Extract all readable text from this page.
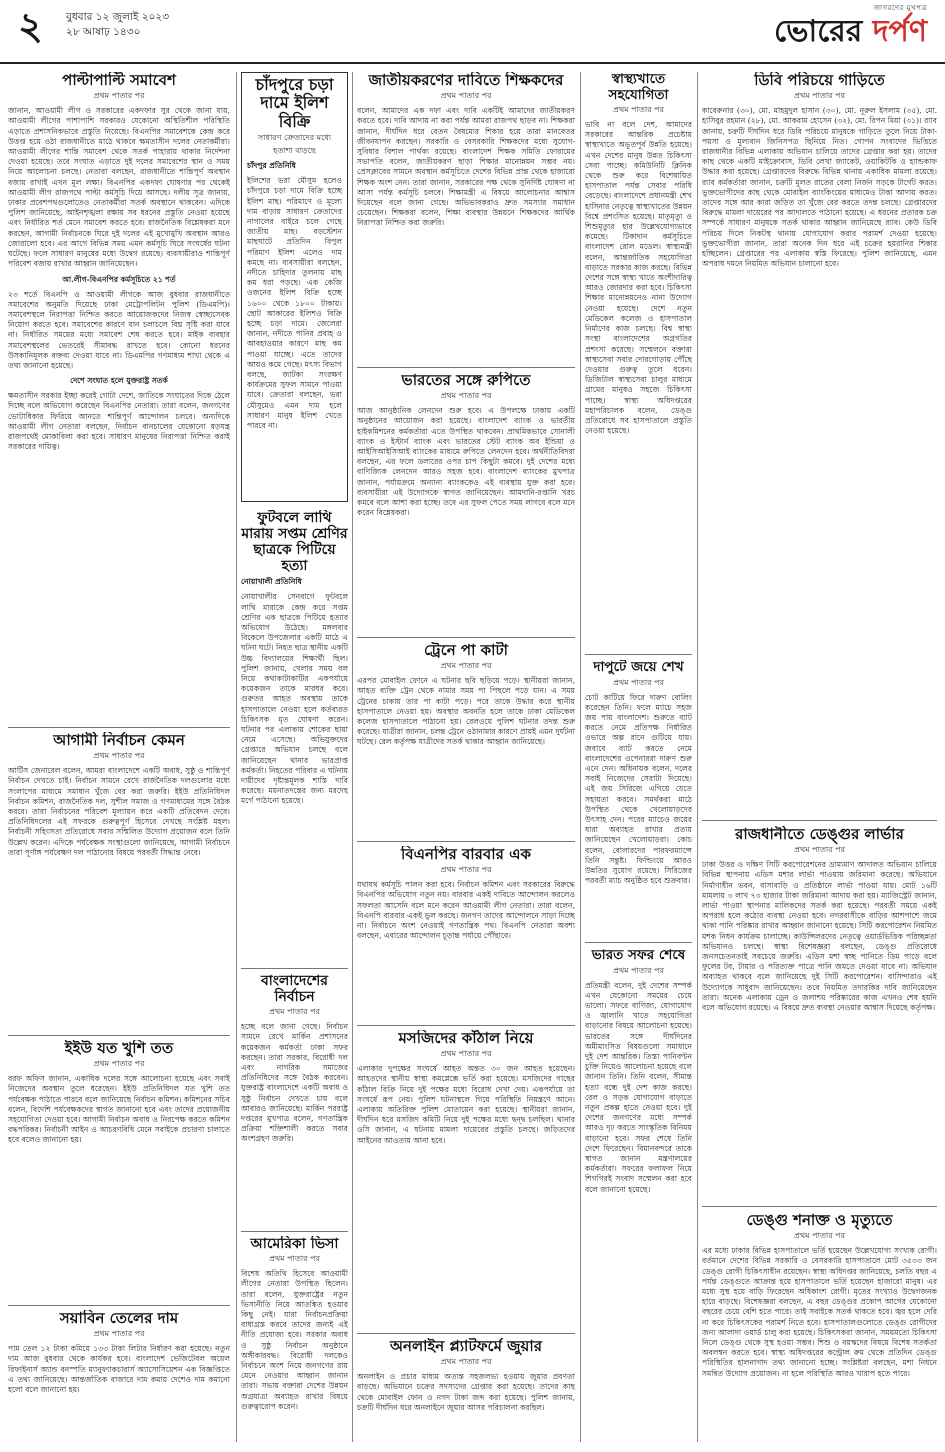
২ বুধবার ১২ জুলাই ২০২৩
২৮ আষাঢ় ১৪৩০
জাগরণের মুখপত্র
ভোরের দর্পণ
পাল্টাপাল্টি সমাবেশ
প্রথম পাতার পর
জানান, আওয়ামী লীগ ও সরকারের একদফার সুর থেকে জানা যায়, আওয়ামী লীগের পাশাপাশি সরকারও যেকোনো অস্থিতিশীল পরিস্থিতি এড়াতে প্রশাসনিকভাবে প্রস্তুতি নিয়েছে। বিএনপির সমাবেশকে কেন্দ্র করে উত্তপ্ত হয়ে ওঠা রাজধানীতে মাঠে থাকবে ক্ষমতাসীন দলের নেতাকর্মীরা। আওয়ামী লীগের শান্তি সমাবেশ থেকে সতর্ক পাহারায় থাকার নির্দেশনা দেওয়া হয়েছে। তবে সংঘাত এড়াতে দুই দলের সমাবেশের স্থান ও সময় নিয়ে আলোচনা চলছে। নেতারা বলছেন, রাজধানীতে শান্তিপূর্ণ অবস্থান বজায় রাখাই এখন মূল লক্ষ্য। বিএনপির একদফা ঘোষণার পর থেকেই আওয়ামী লীগ রাজপথে পাল্টা কর্মসূচি দিয়ে আসছে। দলীয় সূত্র জানায়, ঢাকার প্রবেশপথগুলোতেও নেতাকর্মীরা সতর্ক অবস্থানে থাকবেন। এদিকে পুলিশ জানিয়েছে, আইনশৃঙ্খলা রক্ষায় সব ধরনের প্রস্তুতি নেওয়া হয়েছে এবং নির্ধারিত শর্ত মেনে সমাবেশ করতে হবে। রাজনৈতিক বিশ্লেষকরা মনে করছেন, আগামী নির্বাচনকে ঘিরে দুই দলের এই মুখোমুখি অবস্থান আরও জোরালো হবে। এর আগে বিভিন্ন সময় এমন কর্মসূচি ঘিরে সংঘর্ষের ঘটনা ঘটেছে। ফলে সাধারণ মানুষের মধ্যে উদ্বেগ রয়েছে। ব্যবসায়ীরাও শান্তিপূর্ণ পরিবেশ বজায় রাখার আহ্বান জানিয়েছেন।
আ.লীগ-বিএনপির কর্মসূচিতে ২১ শর্ত
২৩ শর্তে বিএনপি ও আওয়ামী লীগকে আজ বুধবার রাজধানীতে সমাবেশের অনুমতি দিয়েছে ঢাকা মেট্রোপলিটন পুলিশ (ডিএমপি)। সমাবেশস্থলে নিরাপত্তা নিশ্চিত করতে আয়োজকদের নিজস্ব স্বেচ্ছাসেবক নিয়োগ করতে হবে। সমাবেশের কারণে যান চলাচলে বিঘ্ন সৃষ্টি করা যাবে না। নির্ধারিত সময়ের মধ্যে সমাবেশ শেষ করতে হবে। মাইক ব্যবহার সমাবেশস্থলের ভেতরেই সীমাবদ্ধ রাখতে হবে। কোনো ধরনের উসকানিমূলক বক্তব্য দেওয়া যাবে না। ডিএমপির গণমাধ্যম শাখা থেকে এ তথ্য জানানো হয়েছে।
দেশে সংঘাত হলে যুক্তরাষ্ট্র সতর্ক
ক্ষমতাসীন সরকার ইচ্ছা করেই গোটা দেশে, জাতিকে সংঘাতের দিকে ঠেলে দিচ্ছে বলে অভিযোগ করেছেন বিএনপির নেতারা। তারা বলেন, জনগণের ভোটাধিকার ফিরিয়ে আনতে শান্তিপূর্ণ আন্দোলন চলবে। অন্যদিকে আওয়ামী লীগ নেতারা বলছেন, নির্বাচন বানচালের যেকোনো ষড়যন্ত্র রাজপথেই মোকাবিলা করা হবে। সাধারণ মানুষের নিরাপত্তা নিশ্চিত করাই সরকারের দায়িত্ব।
আগামী নির্বাচন কেমন
প্রথম পাতার পর
আর্টিস জেনারেল বলেন, আমরা বাংলাদেশে একটি অবাধ, সুষ্ঠু ও শান্তিপূর্ণ নির্বাচন দেখতে চাই। নির্বাচন সামনে রেখে রাজনৈতিক দলগুলোর মধ্যে সংলাপের মাধ্যমে সমাধান খুঁজে বের করা জরুরি। ইইউ প্রতিনিধিদল নির্বাচন কমিশন, রাজনৈতিক দল, সুশীল সমাজ ও গণমাধ্যমের সঙ্গে বৈঠক করবে। তারা নির্বাচনের পরিবেশ মূল্যায়ন করে একটি প্রতিবেদন দেবে। প্রতিনিধিদলের এই সফরকে গুরুত্বপূর্ণ হিসেবে দেখছে সংশ্লিষ্ট মহল। নির্বাচনী সহিংসতা প্রতিরোধে সবার সম্মিলিত উদ্যোগ প্রয়োজন বলে তিনি উল্লেখ করেন। এদিকে পর্যবেক্ষক সংস্থাগুলো জানিয়েছে, আগামী নির্বাচনে তারা পূর্ণাঙ্গ পর্যবেক্ষণ দল পাঠানোর বিষয়ে পরবর্তী সিদ্ধান্ত নেবে।
ইইউ যত খুশি তত
প্রথম পাতার পর
বরফ অফিস জানান, একাধিক দলের সঙ্গে আলোচনা হয়েছে এবং সবাই নিজেদের অবস্থান তুলে ধরেছেন। ইইউ প্রতিনিধিদল যত খুশি তত পর্যবেক্ষক পাঠাতে পারবে বলে জানিয়েছে নির্বাচন কমিশন। কমিশনের সচিব বলেন, বিদেশি পর্যবেক্ষকদের স্বাগত জানানো হবে এবং তাদের প্রয়োজনীয় সহযোগিতা দেওয়া হবে। আগামী নির্বাচন অবাধ ও নিরপেক্ষ করতে কমিশন বদ্ধপরিকর। নির্বাচনী আইন ও আচরণবিধি মেনে সবাইকে প্রচারণা চালাতে হবে বলেও জানানো হয়।
সয়াবিন তেলের দাম
প্রথম পাতার পর
পাম তেল ১২ টাকা কমিয়ে ১৩৩ টাকা লিটার নির্ধারণ করা হয়েছে। নতুন দাম আজ বুধবার থেকে কার্যকর হবে। বাংলাদেশ ভেজিটেবল অয়েল রিফাইনার্স অ্যান্ড বনস্পতি ম্যানুফ্যাকচারার্স অ্যাসোসিয়েশন এক বিজ্ঞপ্তিতে এ তথ্য জানিয়েছে। আন্তর্জাতিক বাজারে দাম কমায় দেশেও দাম কমানো হলো বলে জানানো হয়।
চাঁদপুরে চড়া দামে ইলিশ বিক্রি
সাধারণ ক্রেতাদের মধ্যে হতাশা বাড়ছে
চাঁদপুর প্রতিনিধি
ইলিশের ভরা মৌসুম হলেও চাঁদপুরে চড়া দামে বিক্রি হচ্ছে ইলিশ মাছ। পরিমাণে ও মূল্যে দাম বাড়ায় সাধারণ ক্রেতাদের নাগালের বাইরে চলে গেছে জাতীয় মাছ। বড়স্টেশন মাছঘাটে প্রতিদিন বিপুল পরিমাণ ইলিশ এলেও দাম কমছে না। ব্যবসায়ীরা বলছেন, নদীতে চাহিদার তুলনায় মাছ কম ধরা পড়ছে। এক কেজি ওজনের ইলিশ বিক্রি হচ্ছে ১৬০০ থেকে ১৮০০ টাকায়। ছোট আকারের ইলিশও বিক্রি হচ্ছে চড়া দামে। জেলেরা জানান, নদীতে পানির প্রবাহ ও আবহাওয়ার কারণে মাছ কম পাওয়া যাচ্ছে। এতে তাদের আয়ও কমে গেছে। মৎস্য বিভাগ বলছে, জাটকা সংরক্ষণ কার্যক্রমের সুফল সামনে পাওয়া যাবে। ক্রেতারা বলছেন, ভরা মৌসুমেও এমন দাম হলে সাধারণ মানুষ ইলিশ খেতে পারবে না।
ফুটবলে লাথি মারায় সপ্তম শ্রেণির ছাত্রকে পিটিয়ে হত্যা
নোয়াখালী প্রতিনিধি
নোয়াখালীর সেনবাগে ফুটবলে লাথি মারাকে কেন্দ্র করে সপ্তম শ্রেণির এক ছাত্রকে পিটিয়ে হত্যার অভিযোগ উঠেছে। মঙ্গলবার বিকেলে উপজেলার একটি মাঠে এ ঘটনা ঘটে। নিহত ছাত্র স্থানীয় একটি উচ্চ বিদ্যালয়ের শিক্ষার্থী ছিল। পুলিশ জানায়, খেলার সময় বল নিয়ে কথাকাটাকাটির একপর্যায়ে কয়েকজন তাকে মারধর করে। গুরুতর আহত অবস্থায় তাকে হাসপাতালে নেওয়া হলে কর্তব্যরত চিকিৎসক মৃত ঘোষণা করেন। ঘটনার পর এলাকায় শোকের ছায়া নেমে এসেছে। অভিযুক্তদের গ্রেপ্তারে অভিযান চলছে বলে জানিয়েছেন থানার ভারপ্রাপ্ত কর্মকর্তা। নিহতের পরিবার এ ঘটনায় দায়ীদের দৃষ্টান্তমূলক শাস্তি দাবি করেছে। ময়নাতদন্তের জন্য মরদেহ মর্গে পাঠানো হয়েছে।
বাংলাদেশের নির্বাচন
প্রথম পাতার পর
হচ্ছে বলে জানা গেছে। নির্বাচন সামনে রেখে মার্কিন প্রশাসনের কয়েকজন কর্মকর্তা ঢাকা সফর করছেন। তারা সরকার, বিরোধী দল এবং নাগরিক সমাজের প্রতিনিধিদের সঙ্গে বৈঠক করবেন। যুক্তরাষ্ট্র বাংলাদেশে একটি অবাধ ও সুষ্ঠু নির্বাচন দেখতে চায় বলে আবারও জানিয়েছে। মার্কিন পররাষ্ট্র দপ্তরের মুখপাত্র বলেন, গণতান্ত্রিক প্রক্রিয়া শক্তিশালী করতে সবার অংশগ্রহণ জরুরি।
আমেরিকা ভিসা
প্রথম পাতার পর
বিশেষ অতিথি হিসেবে আওয়ামী লীগের নেতারা উপস্থিত ছিলেন। তারা বলেন, যুক্তরাষ্ট্রের নতুন ভিসানীতি নিয়ে আতঙ্কিত হওয়ার কিছু নেই। যারা নির্বাচনপ্রক্রিয়া বাধাগ্রস্ত করবে তাদের জন্যই এই নীতি প্রযোজ্য হবে। সরকার অবাধ ও সুষ্ঠু নির্বাচন অনুষ্ঠানে অঙ্গীকারবদ্ধ। বিরোধী দলকেও নির্বাচনে অংশ নিয়ে জনগণের রায় মেনে নেওয়ার আহ্বান জানান তারা। সভায় বক্তারা দেশের উন্নয়ন অগ্রযাত্রা অব্যাহত রাখার বিষয়ে গুরুত্বারোপ করেন।
জাতীয়করণের দাবিতে শিক্ষকদের
প্রথম পাতার পর
বলেন, আমাদের এক দফা এবং দাবি একটিই আমাদের জাতীয়করণ করতে হবে। দাবি আদায় না করা পর্যন্ত আমরা রাজপথ ছাড়ব না। শিক্ষকরা জানান, দীর্ঘদিন ধরে বেতন বৈষম্যের শিকার হয়ে তারা মানবেতর জীবনযাপন করছেন। সরকারি ও বেসরকারি শিক্ষকদের মধ্যে সুযোগ-সুবিধার বিশাল পার্থক্য রয়েছে। বাংলাদেশ শিক্ষক সমিতি ফোরামের সভাপতি বলেন, জাতীয়করণ ছাড়া শিক্ষার মানোন্নয়ন সম্ভব নয়। প্রেসক্লাবের সামনে অবস্থান কর্মসূচিতে দেশের বিভিন্ন প্রান্ত থেকে হাজারো শিক্ষক অংশ নেন। তারা জানান, সরকারের পক্ষ থেকে সুনির্দিষ্ট ঘোষণা না আসা পর্যন্ত কর্মসূচি চলবে। শিক্ষামন্ত্রী এ বিষয়ে আলোচনার আশ্বাস দিয়েছেন বলে জানা গেছে। অভিভাবকরাও দ্রুত সমস্যার সমাধান চেয়েছেন। শিক্ষকরা বলেন, শিক্ষা ব্যবস্থার উন্নয়নে শিক্ষকদের আর্থিক নিরাপত্তা নিশ্চিত করা জরুরি।
ভারতের সঙ্গে রুপিতে
প্রথম পাতার পর
আজ আনুষ্ঠানিক লেনদেন শুরু হবে। এ উপলক্ষে ঢাকায় একটি অনুষ্ঠানের আয়োজন করা হয়েছে। বাংলাদেশ ব্যাংক ও ভারতীয় হাইকমিশনের কর্মকর্তারা এতে উপস্থিত থাকবেন। প্রাথমিকভাবে সোনালী ব্যাংক ও ইস্টার্ন ব্যাংক এবং ভারতের স্টেট ব্যাংক অব ইন্ডিয়া ও আইসিআইসিআই ব্যাংকের মাধ্যমে রুপিতে লেনদেন হবে। অর্থনীতিবিদরা বলছেন, এর ফলে ডলারের ওপর চাপ কিছুটা কমবে। দুই দেশের মধ্যে বাণিজ্যিক লেনদেন আরও সহজ হবে। বাংলাদেশ ব্যাংকের মুখপাত্র জানান, পর্যায়ক্রমে অন্যান্য ব্যাংককেও এই ব্যবস্থায় যুক্ত করা হবে। ব্যবসায়ীরা এই উদ্যোগকে স্বাগত জানিয়েছেন। আমদানি-রপ্তানি খরচ কমবে বলে আশা করা হচ্ছে। তবে এর সুফল পেতে সময় লাগবে বলে মনে করেন বিশ্লেষকরা।
ট্রেনে পা কাটা
প্রথম পাতার পর
এরপর মোবাইল ফোনে এ ঘটনার ছবি ছড়িয়ে পড়ে। স্থানীয়রা জানান, আহত ব্যক্তি ট্রেন থেকে নামার সময় পা পিছলে পড়ে যান। এ সময় ট্রেনের চাকায় তার পা কাটা পড়ে। পরে তাকে উদ্ধার করে স্থানীয় হাসপাতালে নেওয়া হয়। অবস্থার অবনতি হলে তাকে ঢাকা মেডিকেল কলেজ হাসপাতালে পাঠানো হয়। রেলওয়ে পুলিশ ঘটনার তদন্ত শুরু করেছে। যাত্রীরা জানান, চলন্ত ট্রেনে ওঠানামার কারণে প্রায়ই এমন দুর্ঘটনা ঘটছে। রেল কর্তৃপক্ষ যাত্রীদের সতর্ক থাকার আহ্বান জানিয়েছে।
বিএনপির বারবার এক
প্রথম পাতার পর
যথাযথ কর্মসূচি পালন করা হবে। নির্বাচন কমিশন এবং সরকারের বিরুদ্ধে বিএনপির অভিযোগ নতুন নয়। বারবার একই দাবিতে আন্দোলন করলেও সফলতা আসেনি বলে মনে করেন আওয়ামী লীগ নেতারা। তারা বলেন, বিএনপি বারবার একই ভুল করছে। জনগণ তাদের আন্দোলনে সাড়া দিচ্ছে না। নির্বাচনে অংশ নেওয়াই গণতান্ত্রিক পথ। বিএনপি নেতারা অবশ্য বলছেন, এবারের আন্দোলন চূড়ান্ত পর্যায়ে পৌঁছাবে।
মসজিদের কাঁঠাল নিয়ে
প্রথম পাতার পর
এলাকার দুপক্ষের সংঘর্ষে আহত অন্তত ৩০ জন আহত হয়েছেন। আহতদের স্থানীয় স্বাস্থ্য কমপ্লেক্সে ভর্তি করা হয়েছে। মসজিদের গাছের কাঁঠাল বিক্রি নিয়ে দুই পক্ষের মধ্যে বিরোধ দেখা দেয়। একপর্যায়ে তা সংঘর্ষে রূপ নেয়। পুলিশ ঘটনাস্থলে গিয়ে পরিস্থিতি নিয়ন্ত্রণে আনে। এলাকায় অতিরিক্ত পুলিশ মোতায়েন করা হয়েছে। স্থানীয়রা জানান, দীর্ঘদিন ধরে মসজিদ কমিটি নিয়ে দুই পক্ষের মধ্যে দ্বন্দ্ব চলছিল। থানার ওসি জানান, এ ঘটনায় মামলা দায়েরের প্রস্তুতি চলছে। জড়িতদের আইনের আওতায় আনা হবে।
অনলাইন প্ল্যাটফর্মে জুয়ার
প্রথম পাতার পর
অনলাইন ও প্রচার মাধ্যম অত্যন্ত সহজলভ্য হওয়ায় জুয়ার প্রবণতা বাড়ছে। অভিযানে চক্রের সদস্যদের গ্রেপ্তার করা হয়েছে। তাদের কাছ থেকে মোবাইল ফোন ও নগদ টাকা জব্দ করা হয়েছে। পুলিশ জানায়, চক্রটি দীর্ঘদিন ধরে অনলাইনে জুয়ার আসর পরিচালনা করছিল।
স্বাস্থ্যখাতে সহযোগিতা
প্রথম পাতার পর
ভাবি না বলে দেশ, আমাদের সরকারের আন্তরিক প্রচেষ্টায় স্বাস্থ্যখাতে অভূতপূর্ব উন্নতি হয়েছে। এখন দেশের মানুষ উন্নত চিকিৎসা সেবা পাচ্ছে। কমিউনিটি ক্লিনিক থেকে শুরু করে বিশেষায়িত হাসপাতাল পর্যন্ত সেবার পরিধি বেড়েছে। বাংলাদেশে প্রধানমন্ত্রী শেখ হাসিনার নেতৃত্বে স্বাস্থ্যখাতের উন্নয়ন বিশ্বে প্রশংসিত হয়েছে। মাতৃমৃত্যু ও শিশুমৃত্যুর হার উল্লেখযোগ্যভাবে কমেছে। টিকাদান কর্মসূচিতে বাংলাদেশ রোল মডেল। স্বাস্থ্যমন্ত্রী বলেন, আন্তর্জাতিক সহযোগিতা বাড়াতে সরকার কাজ করছে। বিভিন্ন দেশের সঙ্গে স্বাস্থ্য খাতে অংশীদারিত্ব আরও জোরদার করা হবে। চিকিৎসা শিক্ষার মানোন্নয়নেও নানা উদ্যোগ নেওয়া হয়েছে। দেশে নতুন মেডিকেল কলেজ ও হাসপাতাল নির্মাণের কাজ চলছে। বিশ্ব স্বাস্থ্য সংস্থা বাংলাদেশের অগ্রগতির প্রশংসা করেছে। সম্মেলনে বক্তারা স্বাস্থ্যসেবা সবার দোরগোড়ায় পৌঁছে দেওয়ার গুরুত্ব তুলে ধরেন। ডিজিটাল স্বাস্থ্যসেবা চালুর মাধ্যমে গ্রামের মানুষও সহজে চিকিৎসা পাচ্ছে। স্বাস্থ্য অধিদপ্তরের মহাপরিচালক বলেন, ডেঙ্গু প্রতিরোধে সব হাসপাতালে প্রস্তুতি নেওয়া হয়েছে।
দাপুটে জয়ে শেখ
প্রথম পাতার পর
চোট কাটিয়ে ফিরে দারুণ বোলিং করেছেন তিনি। ফলে ম্যাচে সহজ জয় পায় বাংলাদেশ। শুরুতে ব্যাট করতে নেমে প্রতিপক্ষ নির্ধারিত ওভারে অল্প রানে গুটিয়ে যায়। জবাবে ব্যাট করতে নেমে বাংলাদেশের ওপেনাররা দারুণ শুরু এনে দেন। অধিনায়ক বলেন, দলের সবাই নিজেদের সেরাটা দিয়েছে। এই জয় সিরিজে এগিয়ে যেতে সহায়তা করবে। সমর্থকরা মাঠে উপস্থিত থেকে খেলোয়াড়দের উৎসাহ দেন। পরের ম্যাচেও জয়ের ধারা অব্যাহত রাখার প্রত্যয় জানিয়েছেন খেলোয়াড়রা। কোচ বলেন, বোলারদের পারফরম্যান্সে তিনি সন্তুষ্ট। ফিল্ডিংয়ে আরও উন্নতির সুযোগ রয়েছে। সিরিজের পরবর্তী ম্যাচ অনুষ্ঠিত হবে শুক্রবার।
ভারত সফর শেষে
প্রথম পাতার পর
প্রতিমন্ত্রী বলেন, দুই দেশের সম্পর্ক এখন যেকোনো সময়ের চেয়ে ভালো। সফরে বাণিজ্য, যোগাযোগ ও জ্বালানি খাতে সহযোগিতা বাড়ানোর বিষয়ে আলোচনা হয়েছে। ভারতের সঙ্গে দীর্ঘদিনের অমীমাংসিত বিষয়গুলো সমাধানে দুই দেশ আন্তরিক। তিস্তা পানিবণ্টন চুক্তি নিয়েও আলোচনা হয়েছে বলে জানান তিনি। তিনি বলেন, সীমান্ত হত্যা বন্ধে দুই দেশ কাজ করছে। রেল ও সড়ক যোগাযোগ বাড়াতে নতুন প্রকল্প হাতে নেওয়া হবে। দুই দেশের জনগণের মধ্যে সম্পর্ক আরও দৃঢ় করতে সাংস্কৃতিক বিনিময় বাড়ানো হবে। সফর শেষে তিনি দেশে ফিরেছেন। বিমানবন্দরে তাকে স্বাগত জানান মন্ত্রণালয়ের কর্মকর্তারা। সফরের ফলাফল নিয়ে শিগগিরই সংবাদ সম্মেলন করা হবে বলে জানানো হয়েছে।
ডিবি পরিচয়ে গাড়িতে
প্রথম পাতার পর
কাবেরুনার (৩০), মো. মাহমুদুল হাসান (৩০), মো. নূরুল ইসলাম (৩৫), মো. হাসিবুর রহমান (২৮), মো. আকরাম হোসেন (৩২), মো. রিপন মিয়া (৩১)। র‍্যাব জানায়, চক্রটি দীর্ঘদিন ধরে ডিবি পরিচয়ে মানুষকে গাড়িতে তুলে নিয়ে টাকা-পয়সা ও মূল্যবান জিনিসপত্র ছিনিয়ে নিত। গোপন সংবাদের ভিত্তিতে রাজধানীর বিভিন্ন এলাকায় অভিযান চালিয়ে তাদের গ্রেপ্তার করা হয়। তাদের কাছ থেকে একটি মাইক্রোবাস, ডিবি লেখা জ্যাকেট, ওয়াকিটকি ও হ্যান্ডকাফ উদ্ধার করা হয়েছে। গ্রেপ্তারদের বিরুদ্ধে বিভিন্ন থানায় একাধিক মামলা রয়েছে। র‍্যাব কর্মকর্তারা জানান, চক্রটি মূলত রাতের বেলা নির্জন সড়কে টার্গেট করত। ভুক্তভোগীদের কাছ থেকে মোবাইল ব্যাংকিংয়ের মাধ্যমেও টাকা আদায় করত। তাদের সঙ্গে আর কারা জড়িত তা খুঁজে বের করতে তদন্ত চলছে। গ্রেপ্তারদের বিরুদ্ধে মামলা দায়েরের পর আদালতে পাঠানো হয়েছে। এ ধরনের প্রতারক চক্র সম্পর্কে সাধারণ মানুষকে সতর্ক থাকার আহ্বান জানিয়েছে র‍্যাব। কেউ ডিবি পরিচয় দিলে নিকটস্থ থানায় যোগাযোগ করার পরামর্শ দেওয়া হয়েছে। ভুক্তভোগীরা জানান, তারা অনেক দিন ধরে এই চক্রের হয়রানির শিকার হচ্ছিলেন। গ্রেপ্তারের পর এলাকায় স্বস্তি ফিরেছে। পুলিশ জানিয়েছে, এমন অপরাধ দমনে নিয়মিত অভিযান চালানো হবে।
রাজধানীতে ডেঙ্গুর লার্ভার
প্রথম পাতার পর
ঢাকা উত্তর ও দক্ষিণ সিটি করপোরেশনের ভ্রাম্যমাণ আদালত অভিযান চালিয়ে বিভিন্ন স্থাপনায় এডিস মশার লার্ভা পাওয়ায় জরিমানা করেছে। অভিযানে নির্মাণাধীন ভবন, বাসাবাড়ি ও প্রতিষ্ঠানে লার্ভা পাওয়া যায়। মোট ১৬টি মামলায় ৩ লাখ ৭৩ হাজার টাকা জরিমানা আদায় করা হয়। ম্যাজিস্ট্রেট জানান, লার্ভা পাওয়া স্থাপনার মালিকদের সতর্ক করা হয়েছে। পরবর্তী সময়ে একই অপরাধ হলে কঠোর ব্যবস্থা নেওয়া হবে। নগরবাসীকে বাড়ির আশপাশে জমে থাকা পানি পরিষ্কার রাখার আহ্বান জানানো হয়েছে। সিটি করপোরেশন নিয়মিত মশক নিধন কার্যক্রম চালাচ্ছে। কাউন্সিলরদের নেতৃত্বে ওয়ার্ডভিত্তিক পরিচ্ছন্নতা অভিযানও চলছে। স্বাস্থ্য বিশেষজ্ঞরা বলছেন, ডেঙ্গু প্রতিরোধে জনসচেতনতাই সবচেয়ে জরুরি। এডিস মশা স্বচ্ছ পানিতে ডিম পাড়ে বলে ফুলের টব, টায়ার ও পরিত্যক্ত পাত্রে পানি জমতে দেওয়া যাবে না। অভিযান অব্যাহত থাকবে বলে জানিয়েছে দুই সিটি করপোরেশন। বাসিন্দারাও এই উদ্যোগকে সাধুবাদ জানিয়েছেন। তবে নিয়মিত তদারকির দাবি জানিয়েছেন তারা। অনেক এলাকায় ড্রেন ও জলাশয় পরিষ্কারের কাজ এখনও শেষ হয়নি বলে অভিযোগ রয়েছে। এ বিষয়ে দ্রুত ব্যবস্থা নেওয়ার আশ্বাস দিয়েছে কর্তৃপক্ষ।
ডেঙ্গু শনাক্ত ও মৃত্যুতে
প্রথম পাতার পর
এর মধ্যে ঢাকার বিভিন্ন হাসপাতালে ভর্তি হয়েছেন উল্লেখযোগ্য সংখ্যক রোগী। বর্তমানে দেশের বিভিন্ন সরকারি ও বেসরকারি হাসপাতালে মোট ৩৫৩৩ জন ডেঙ্গু রোগী চিকিৎসাধীন রয়েছেন। স্বাস্থ্য অধিদপ্তর জানিয়েছে, চলতি বছর এ পর্যন্ত ডেঙ্গুতে আক্রান্ত হয়ে হাসপাতালে ভর্তি হয়েছেন হাজারো মানুষ। এর মধ্যে সুস্থ হয়ে বাড়ি ফিরেছেন অধিকাংশ রোগী। মৃতের সংখ্যাও উদ্বেগজনক হারে বাড়ছে। বিশেষজ্ঞরা বলছেন, এ বছর ডেঙ্গুর প্রকোপ আগের যেকোনো বছরের চেয়ে বেশি হতে পারে। তাই সবাইকে সতর্ক থাকতে হবে। জ্বর হলে দেরি না করে চিকিৎসকের পরামর্শ নিতে হবে। হাসপাতালগুলোতে ডেঙ্গু রোগীদের জন্য আলাদা ওয়ার্ড চালু করা হয়েছে। চিকিৎসকরা জানান, সময়মতো চিকিৎসা নিলে ডেঙ্গু থেকে সুস্থ হওয়া সম্ভব। শিশু ও বয়স্কদের বিষয়ে বিশেষ সতর্কতা অবলম্বন করতে হবে। স্বাস্থ্য অধিদপ্তরের কন্ট্রোল রুম থেকে প্রতিদিন ডেঙ্গু পরিস্থিতির হালনাগাদ তথ্য জানানো হচ্ছে। সংশ্লিষ্টরা বলছেন, মশা নিধনে সমন্বিত উদ্যোগ প্রয়োজন। না হলে পরিস্থিতি আরও খারাপ হতে পারে।
